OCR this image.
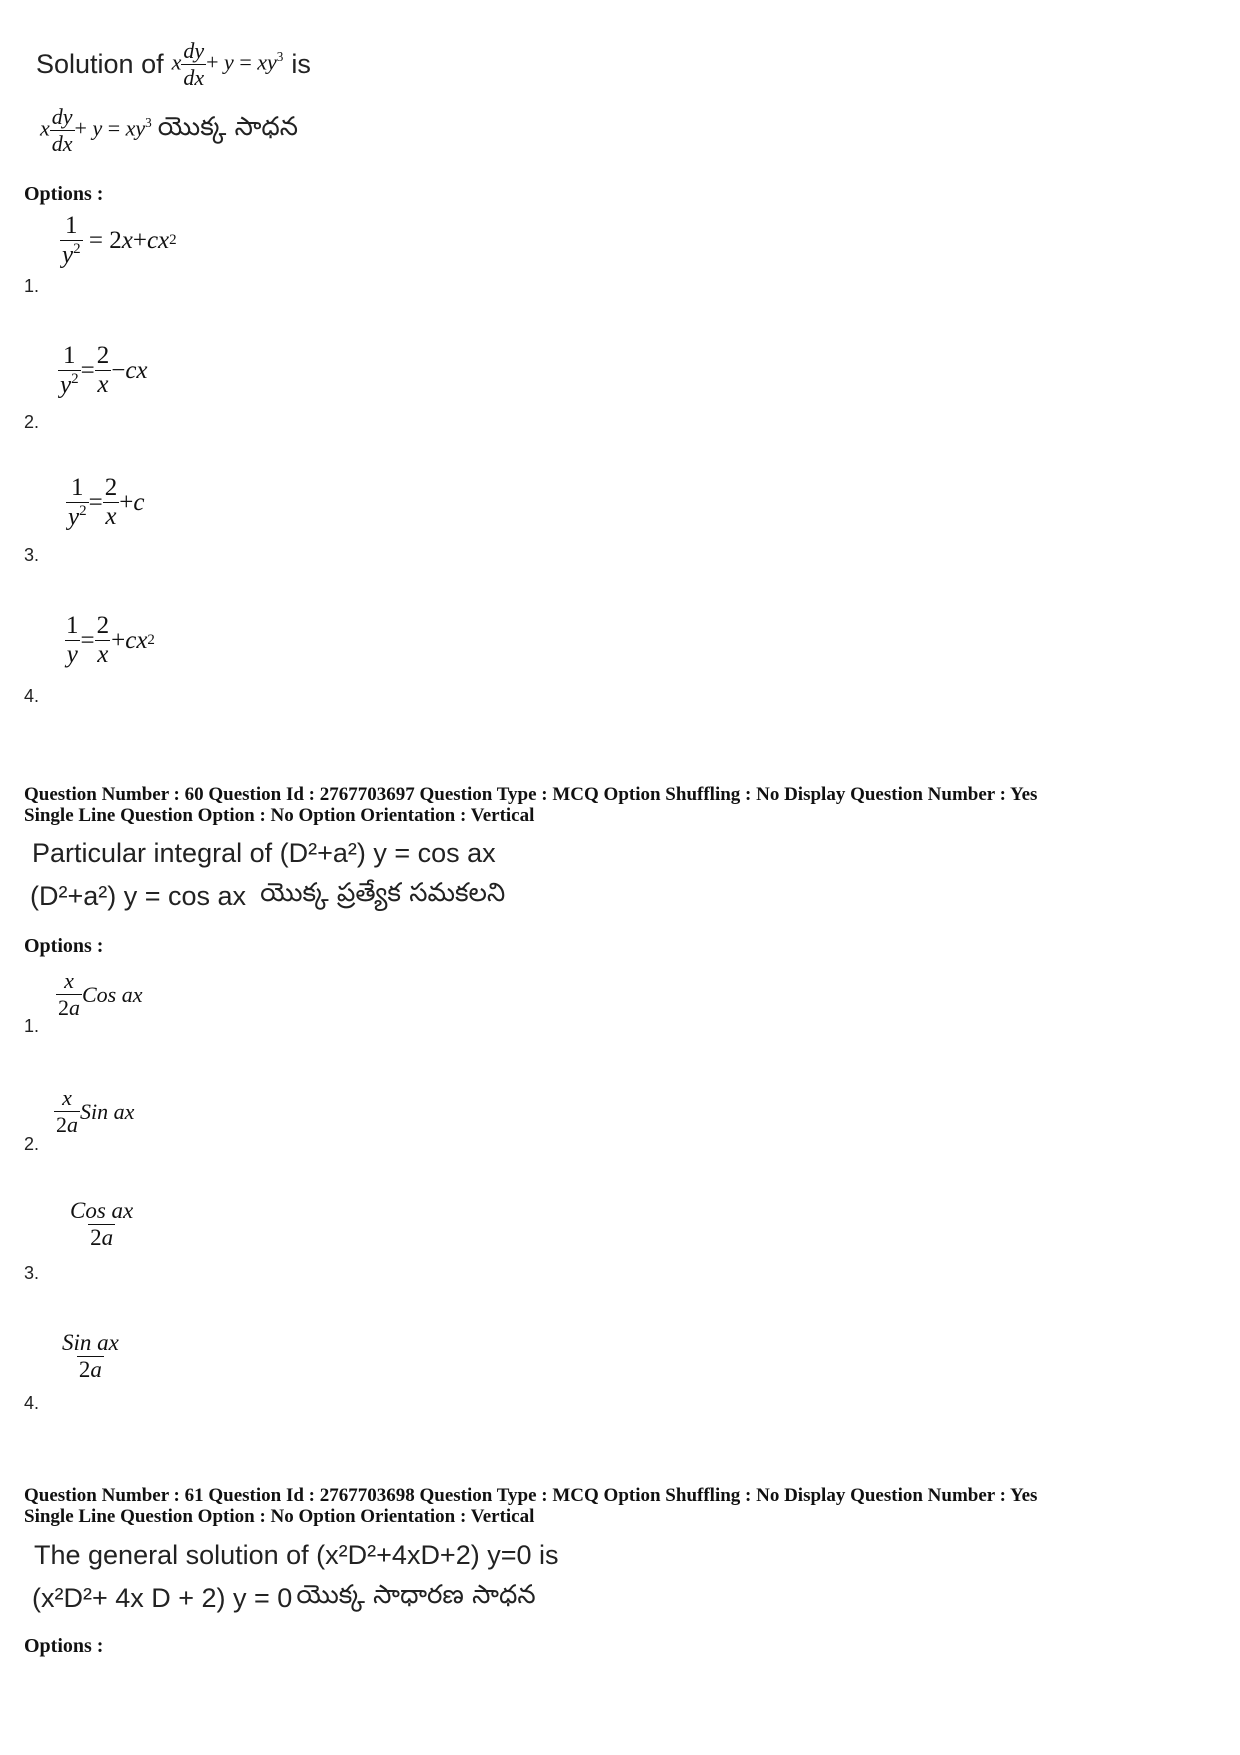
Solution of x $\frac{dy}{dx} + y = xy^3$ is
x $\frac{dy}{dx} + y = xy^3$ యొక్క సాధన
Options :
$\frac{1}{y^2} = 2$ x + cx 2
1.
$\frac{1}{y^2} = \frac{2}{x}$ − cx
2.
$\frac{1}{y^2} = \frac{2}{x} + c$
3.
$\frac{1}{y} = \frac{2}{x}$ + cx 2
4.
Question Number : 60 Question Id : 2767703697 Question Type : MCQ Option Shuffling : No Display Question Number : Yes
Single Line Question Option : No Option Orientation : Vertical
Particular integral of (D²+a²) y = cos ax
(D²+a²) y = cos ax యొక్క ప్రత్యేక సమకలని
Options :
$\frac{x}{2a}$ Cos ax
1.
$\frac{x}{2a}$ Sin ax
2.
$\frac{\text{Cos ax}}{2a}$
3.
$\frac{\text{Sin ax}}{2a}$
4.
Question Number : 61 Question Id : 2767703698 Question Type : MCQ Option Shuffling : No Display Question Number : Yes
Single Line Question Option : No Option Orientation : Vertical
The general solution of (x²D²+4xD+2) y=0 is
(x²D²+ 4x D + 2) y = 0 యొక్క సాధారణ సాధన
Options :
